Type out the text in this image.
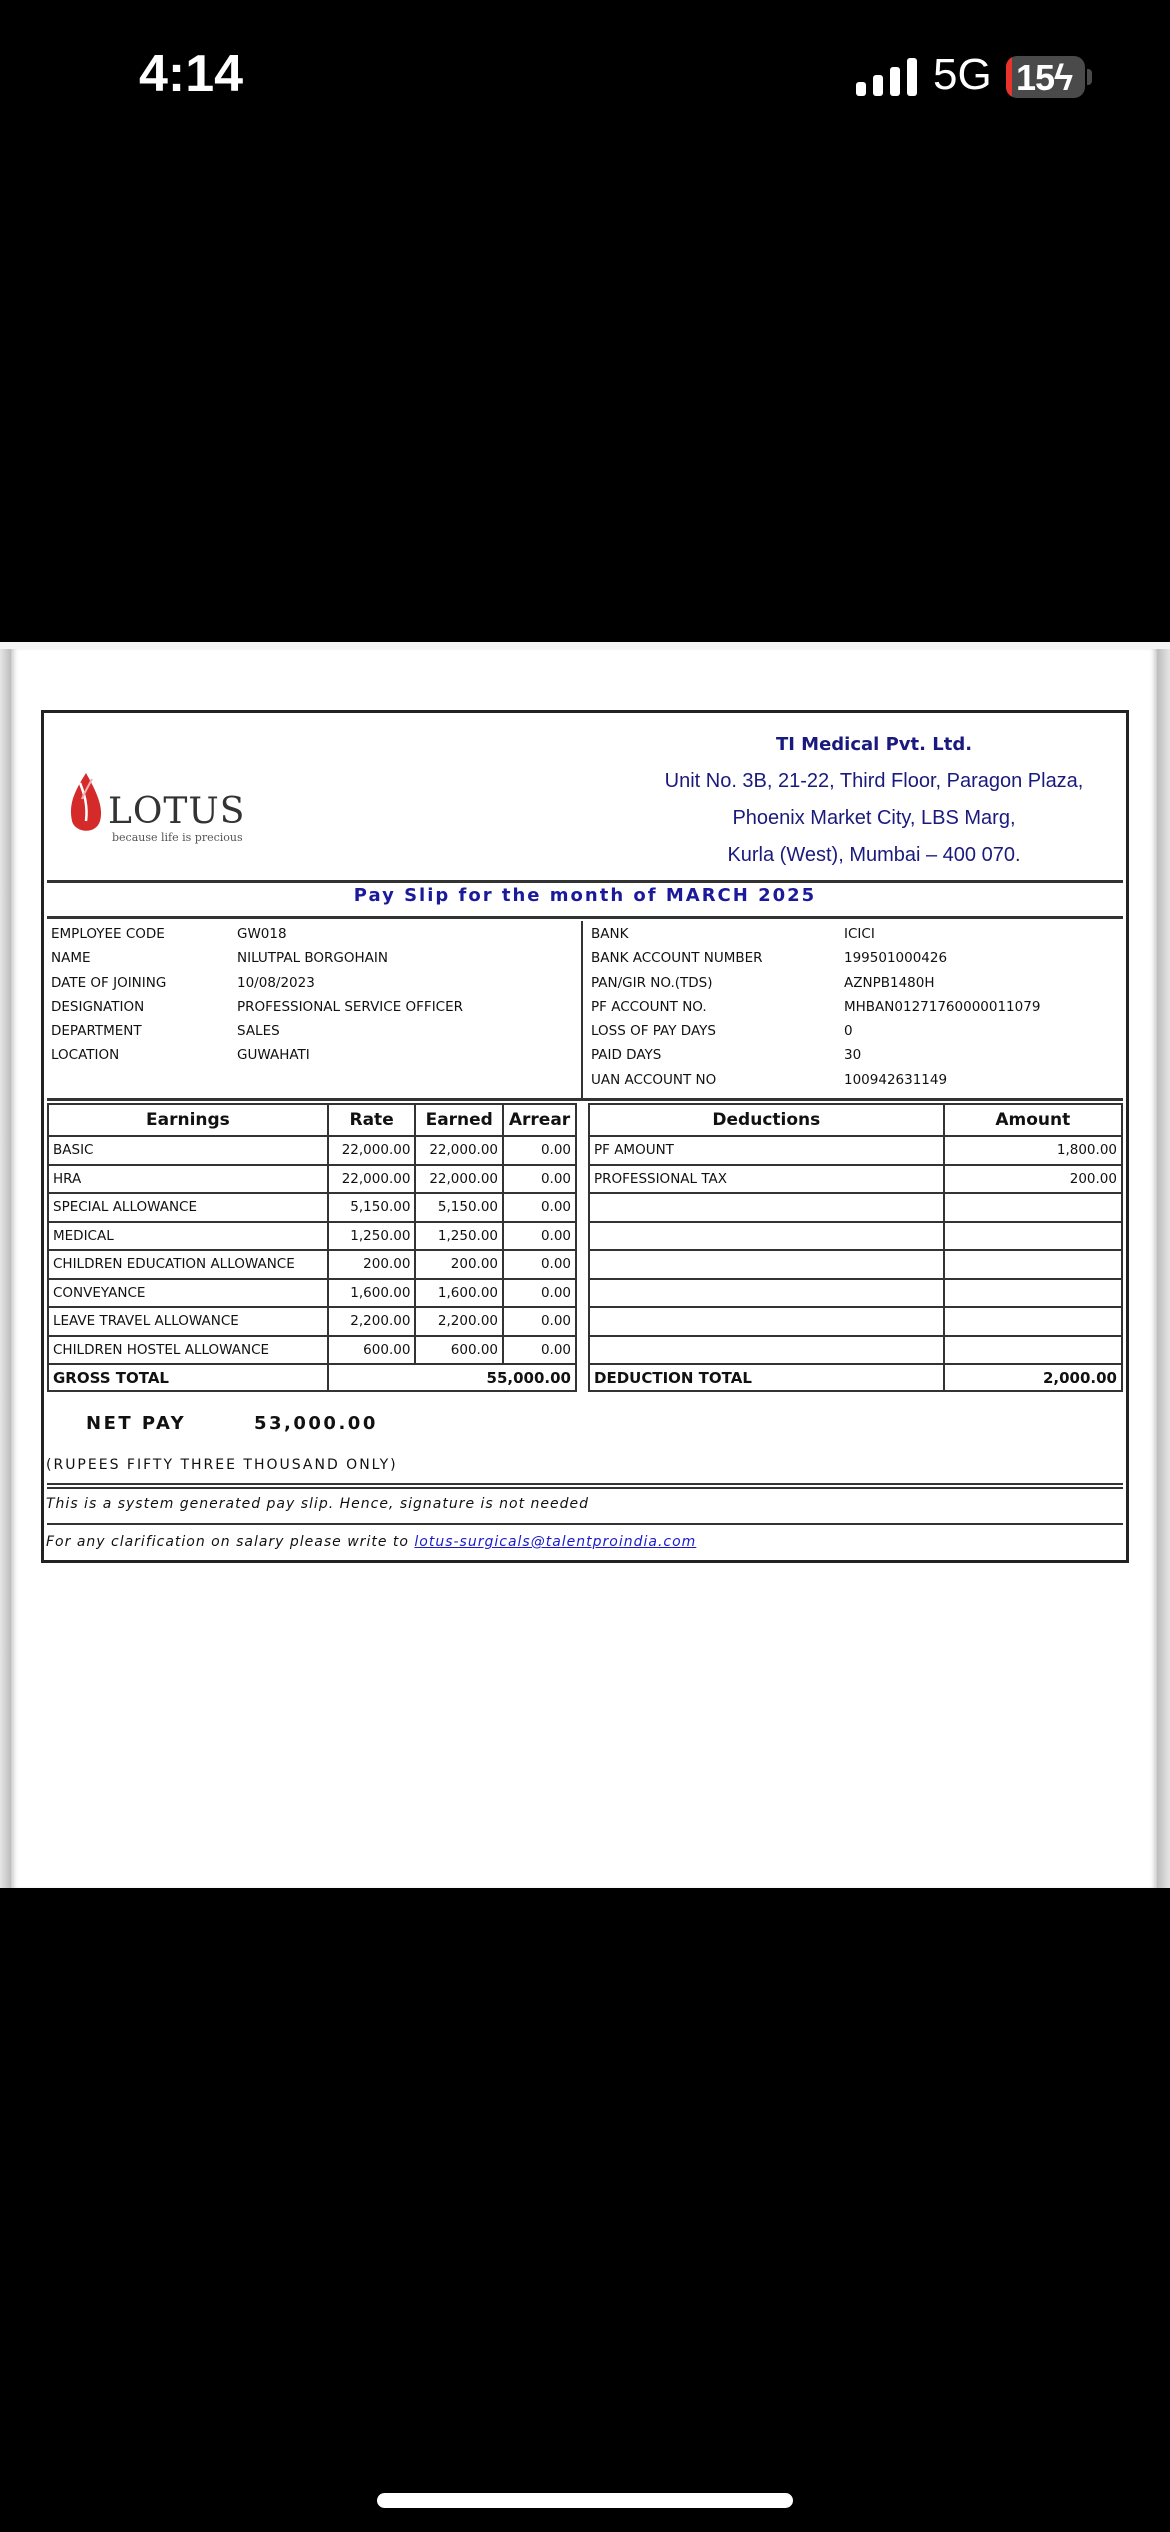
4:14	5G 15ϟ
LOTUS
because life is precious
TI Medical Pvt. Ltd.
Unit No. 3B, 21-22, Third Floor, Paragon Plaza,
Phoenix Market City, LBS Marg,
Kurla (West), Mumbai – 400 070.
Pay Slip for the month of MARCH 2025
EMPLOYEE CODE	GW018
NAME	NILUTPAL BORGOHAIN
DATE OF JOINING	10/08/2023
DESIGNATION	PROFESSIONAL SERVICE OFFICER
DEPARTMENT	SALES
LOCATION	GUWAHATI
BANK	ICICI
BANK ACCOUNT NUMBER	199501000426
PAN/GIR NO.(TDS)	AZNPB1480H
PF ACCOUNT NO.	MHBAN01271760000011079
LOSS OF PAY DAYS	0
PAID DAYS	30
UAN ACCOUNT NO	100942631149
Earnings	Rate	Earned	Arrear
BASIC	22,000.00	22,000.00	0.00
HRA	22,000.00	22,000.00	0.00
SPECIAL ALLOWANCE	5,150.00	5,150.00	0.00
MEDICAL	1,250.00	1,250.00	0.00
CHILDREN EDUCATION ALLOWANCE	200.00	200.00	0.00
CONVEYANCE	1,600.00	1,600.00	0.00
LEAVE TRAVEL ALLOWANCE	2,200.00	2,200.00	0.00
CHILDREN HOSTEL ALLOWANCE	600.00	600.00	0.00
GROSS TOTAL	55,000.00		
Deductions	Amount
PF AMOUNT	1,800.00
PROFESSIONAL TAX	200.00

DEDUCTION TOTAL	2,000.00
NET PAY	53,000.00
(RUPEES FIFTY THREE THOUSAND ONLY)
This is a system generated pay slip. Hence, signature is not needed
For any clarification on salary please write to lotus-surgicals@talentproindia.com
